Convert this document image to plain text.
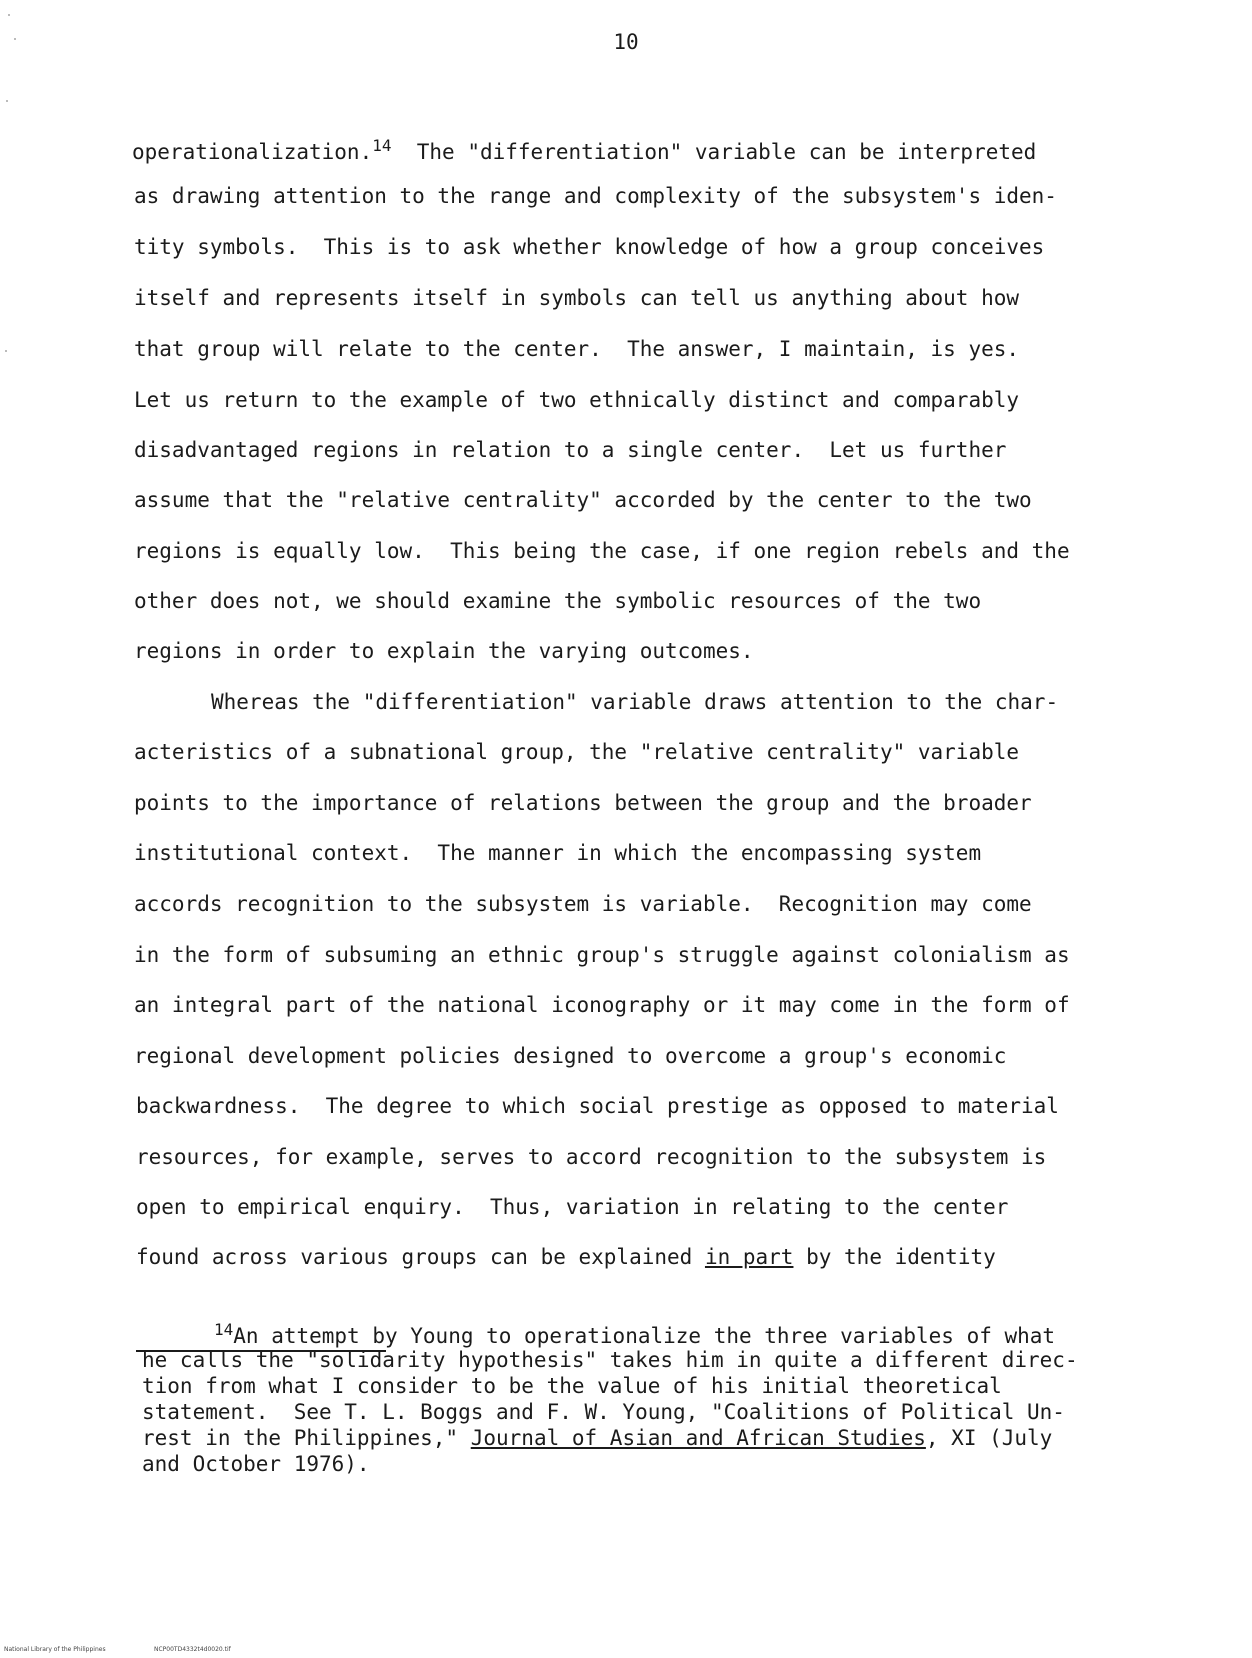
10
operationalization.$^{14}$  The "differentiation" variable can be interpreted
as drawing attention to the range and complexity of the subsystem's iden-
tity symbols.  This is to ask whether knowledge of how a group conceives
itself and represents itself in symbols can tell us anything about how
that group will relate to the center.  The answer, I maintain, is yes.
Let us return to the example of two ethnically distinct and comparably
disadvantaged regions in relation to a single center.  Let us further
assume that the "relative centrality" accorded by the center to the two
regions is equally low.  This being the case, if one region rebels and the
other does not, we should examine the symbolic resources of the two
regions in order to explain the varying outcomes.
Whereas the "differentiation" variable draws attention to the char-
acteristics of a subnational group, the "relative centrality" variable
points to the importance of relations between the group and the broader
institutional context.  The manner in which the encompassing system
accords recognition to the subsystem is variable.  Recognition may come
in the form of subsuming an ethnic group's struggle against colonialism as
an integral part of the national iconography or it may come in the form of
regional development policies designed to overcome a group's economic
backwardness.  The degree to which social prestige as opposed to material
resources, for example, serves to accord recognition to the subsystem is
open to empirical enquiry.  Thus, variation in relating to the center
found across various groups can be explained in part by the identity
$^{14}$An attempt by Young to operationalize the three variables of what
he calls the "solidarity hypothesis" takes him in quite a different direc-
tion from what I consider to be the value of his initial theoretical
statement.  See T. L. Boggs and F. W. Young, "Coalitions of Political Un-
rest in the Philippines," Journal of Asian and African Studies, XI (July
and October 1976).
National Library of the Philippines	NCP00TD4332t4d0020.tif
